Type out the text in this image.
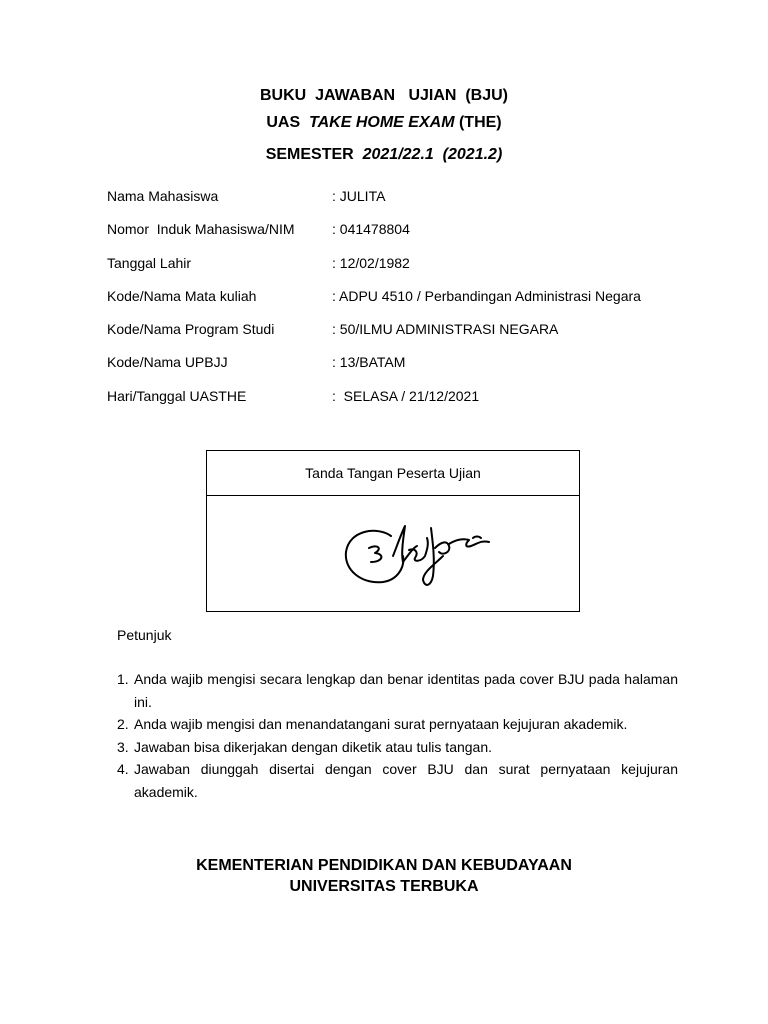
BUKU  JAWABAN   UJIAN  (BJU)
UAS  TAKE HOME EXAM (THE)
SEMESTER  2021/22.1  (2021.2)
Nama Mahasiswa	: JULITA
Nomor  Induk Mahasiswa/NIM	: 041478804
Tanggal Lahir	: 12/02/1982
Kode/Nama Mata kuliah	: ADPU 4510 / Perbandingan Administrasi Negara
Kode/Nama Program Studi	: 50/ILMU ADMINISTRASI NEGARA
Kode/Nama UPBJJ	: 13/BATAM
Hari/Tanggal UASTHE	:  SELASA / 21/12/2021
Tanda Tangan Peserta Ujian
Petunjuk
1. Anda wajib mengisi secara lengkap dan benar identitas pada cover BJU pada halaman ini.
2. Anda wajib mengisi dan menandatangani surat pernyataan kejujuran akademik.
3. Jawaban bisa dikerjakan dengan diketik atau tulis tangan.
4. Jawaban diunggah disertai dengan cover BJU dan surat pernyataan kejujuran akademik.
KEMENTERIAN PENDIDIKAN DAN KEBUDAYAAN
UNIVERSITAS TERBUKA
